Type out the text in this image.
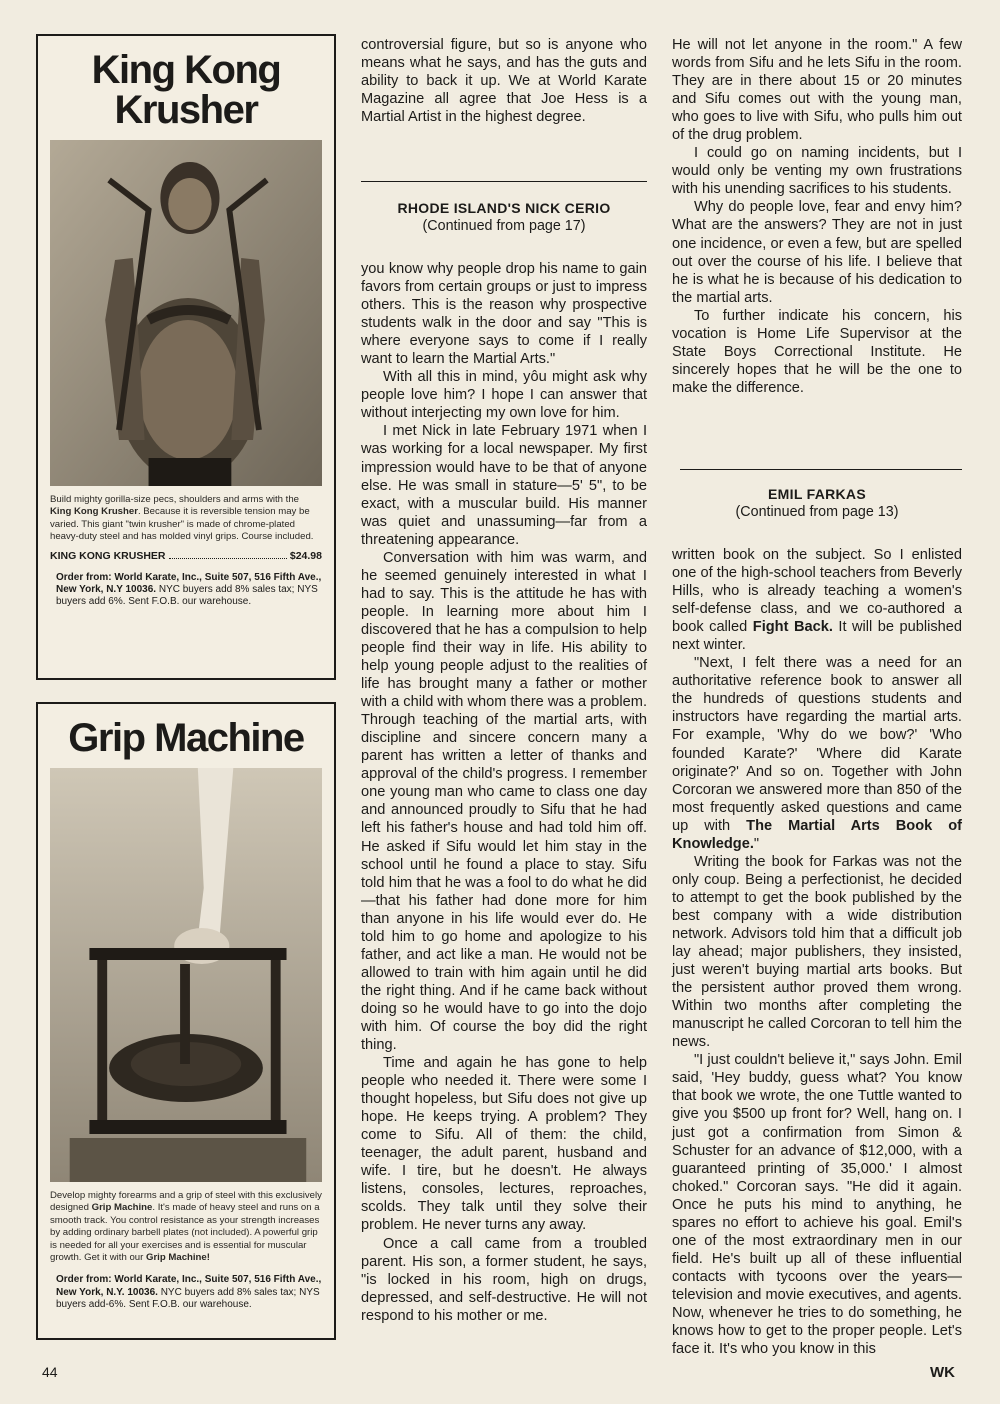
King Kong
Krusher
Build mighty gorilla-size pecs, shoulders and arms with the King Kong Krusher. Because it is reversible tension may be varied. This giant "twin krusher" is made of chrome-plated heavy-duty steel and has molded vinyl grips. Course included.
KING KONG KRUSHER	$24.98
Order from: World Karate, Inc., Suite 507, 516 Fifth Ave., New York, N.Y 10036. NYC buyers add 8% sales tax; NYS buyers add 6%. Sent F.O.B. our warehouse.
Grip Machine
Develop mighty forearms and a grip of steel with this exclusively designed Grip Machine. It's made of heavy steel and runs on a smooth track. You control resistance as your strength increases by adding ordinary barbell plates (not included). A powerful grip is needed for all your exercises and is essential for muscular growth. Get it with our Grip Machine!
Order from: World Karate, Inc., Suite 507, 516 Fifth Ave., New York, N.Y. 10036. NYC buyers add 8% sales tax; NYS buyers add-6%. Sent F.O.B. our warehouse.

controversial figure, but so is anyone who means what he says, and has the guts and ability to back it up. We at World Karate Magazine all agree that Joe Hess is a Martial Artist in the highest degree.

RHODE ISLAND'S NICK CERIO
(Continued from page 17)

you know why people drop his name to gain favors from certain groups or just to impress others. This is the reason why prospective students walk in the door and say "This is where everyone says to come if I really want to learn the Martial Arts."

With all this in mind, yôu might ask why people love him? I hope I can answer that without interjecting my own love for him.

I met Nick in late February 1971 when I was working for a local newspaper. My first impression would have to be that of anyone else. He was small in stature—5' 5", to be exact, with a muscular build. His manner was quiet and unassuming—far from a threatening appearance.

Conversation with him was warm, and he seemed genuinely interested in what I had to say. This is the attitude he has with people. In learning more about him I discovered that he has a compulsion to help people find their way in life. His ability to help young people adjust to the realities of life has brought many a father or mother with a child with whom there was a problem. Through teaching of the martial arts, with discipline and sincere concern many a parent has written a letter of thanks and approval of the child's progress. I remember one young man who came to class one day and announced proudly to Sifu that he had left his father's house and had told him off. He asked if Sifu would let him stay in the school until he found a place to stay. Sifu told him that he was a fool to do what he did—that his father had done more for him than anyone in his life would ever do. He told him to go home and apologize to his father, and act like a man. He would not be allowed to train with him again until he did the right thing. And if he came back without doing so he would have to go into the dojo with him. Of course the boy did the right thing.

Time and again he has gone to help people who needed it. There were some I thought hopeless, but Sifu does not give up hope. He keeps trying. A problem? They come to Sifu. All of them: the child, teenager, the adult parent, husband and wife. I tire, but he doesn't. He always listens, consoles, lectures, reproaches, scolds. They talk until they solve their problem. He never turns any away.

Once a call came from a troubled parent. His son, a former student, he says, "is locked in his room, high on drugs, depressed, and self-destructive. He will not respond to his mother or me.

He will not let anyone in the room." A few words from Sifu and he lets Sifu in the room. They are in there about 15 or 20 minutes and Sifu comes out with the young man, who goes to live with Sifu, who pulls him out of the drug problem.

I could go on naming incidents, but I would only be venting my own frustrations with his unending sacrifices to his students.

Why do people love, fear and envy him? What are the answers? They are not in just one incidence, or even a few, but are spelled out over the course of his life. I believe that he is what he is because of his dedication to the martial arts.

To further indicate his concern, his vocation is Home Life Supervisor at the State Boys Correctional Institute. He sincerely hopes that he will be the one to make the difference.

EMIL FARKAS
(Continued from page 13)

written book on the subject. So I enlisted one of the high-school teachers from Beverly Hills, who is already teaching a women's self-defense class, and we co-authored a book called Fight Back. It will be published next winter.

"Next, I felt there was a need for an authoritative reference book to answer all the hundreds of questions students and instructors have regarding the martial arts. For example, 'Why do we bow?' 'Who founded Karate?' 'Where did Karate originate?' And so on. Together with John Corcoran we answered more than 850 of the most frequently asked questions and came up with The Martial Arts Book of Knowledge."

Writing the book for Farkas was not the only coup. Being a perfectionist, he decided to attempt to get the book published by the best company with a wide distribution network. Advisors told him that a difficult job lay ahead; major publishers, they insisted, just weren't buying martial arts books. But the persistent author proved them wrong. Within two months after completing the manuscript he called Corcoran to tell him the news.

"I just couldn't believe it," says John. Emil said, 'Hey buddy, guess what? You know that book we wrote, the one Tuttle wanted to give you $500 up front for? Well, hang on. I just got a confirmation from Simon & Schuster for an advance of $12,000, with a guaranteed printing of 35,000.' I almost choked." Corcoran says. "He did it again. Once he puts his mind to anything, he spares no effort to achieve his goal. Emil's one of the most extraordinary men in our field. He's built up all of these influential contacts with tycoons over the years—television and movie executives, and agents. Now, whenever he tries to do something, he knows how to get to the proper people. Let's face it. It's who you know in this

44	WK
